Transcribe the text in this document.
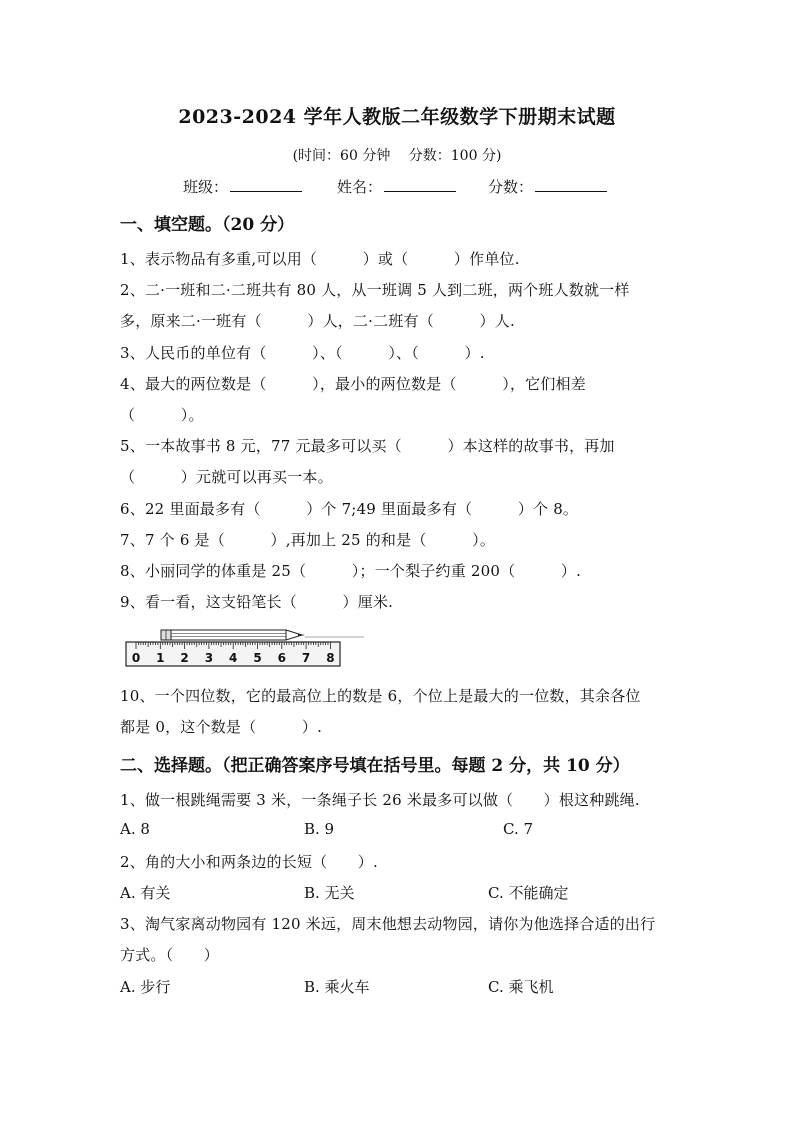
2023-2024 学年人教版二年级数学下册期末试题
(时间：60 分钟　 分数：100 分)
班级：	姓名：	分数：
一、填空题。（20 分）
1、表示物品有多重,可以用（　　　）或（　　　）作单位.
2、二·一班和二·二班共有 80 人，从一班调 5 人到二班，两个班人数就一样
多，原来二·一班有（　　　）人，二·二班有（　　　）人.
3、人民币的单位有（　　　）、（　　　）、（　　　）.
4、最大的两位数是（　　　），最小的两位数是（　　　），它们相差
（　　　）。
5、一本故事书 8 元，77 元最多可以买（　　　）本这样的故事书，再加
（　　　）元就可以再买一本。
6、22 里面最多有（　　　）个 7;49 里面最多有（　　　）个 8。
7、7 个 6 是（　　　）,再加上 25 的和是（　　　）。
8、小丽同学的体重是 25（　　　）；一个梨子约重 200（　　　）.
9、看一看，这支铅笔长（　　　）厘米.
0 1 2 3 4 5 6 7 8
10、一个四位数，它的最高位上的数是 6，个位上是最大的一位数，其余各位
都是 0，这个数是（　　　）.
二、选择题。（把正确答案序号填在括号里。每题 2 分，共 10 分）
1、做一根跳绳需要 3 米，一条绳子长 26 米最多可以做（　　）根这种跳绳.
A. 8	B. 9	C. 7
2、角的大小和两条边的长短（　　）.
A. 有关	B. 无关	C. 不能确定
3、淘气家离动物园有 120 米远，周末他想去动物园，请你为他选择合适的出行
方式。（　　）
A. 步行	B. 乘火车	C. 乘飞机
